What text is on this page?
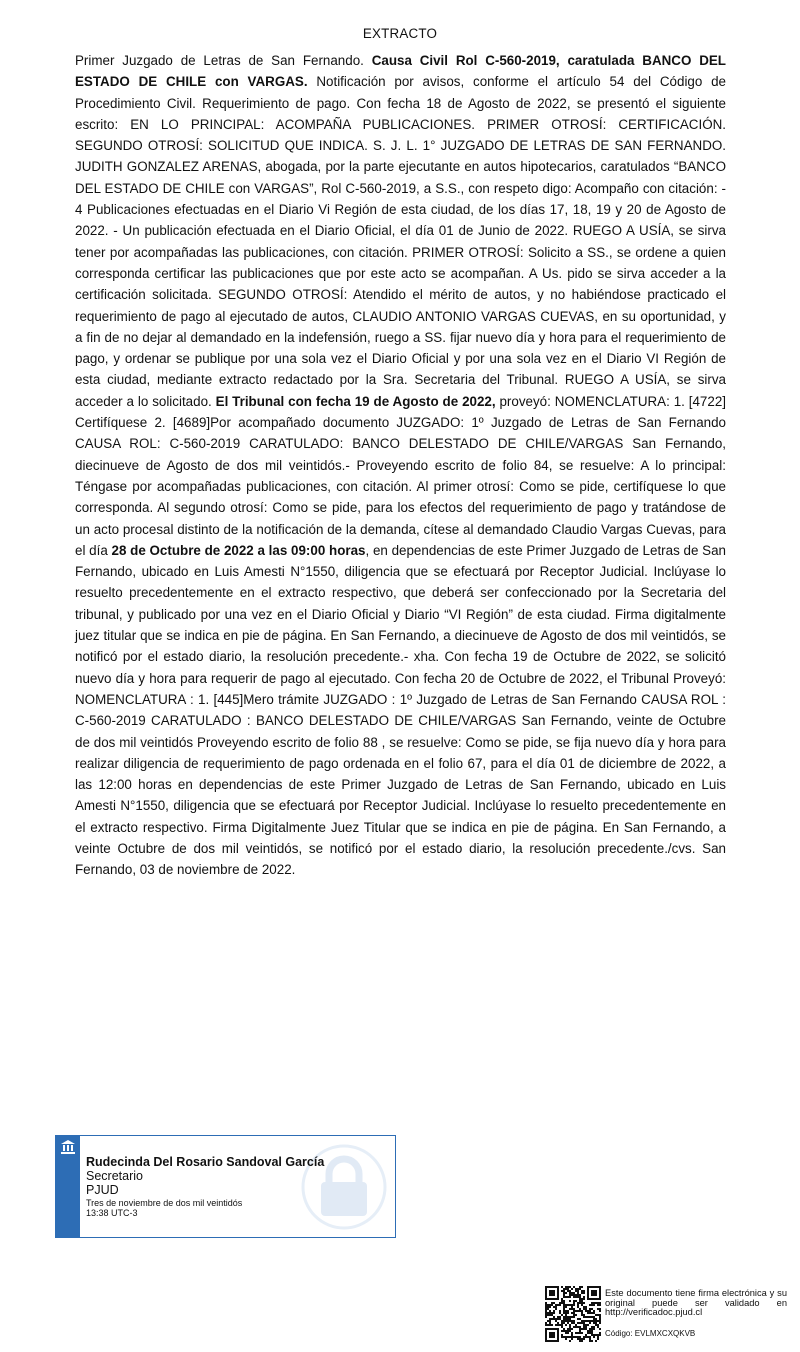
EXTRACTO
Primer Juzgado de Letras de San Fernando. Causa Civil Rol C-560-2019, caratulada BANCO DEL ESTADO DE CHILE con VARGAS. Notificación por avisos, conforme el artículo 54 del Código de Procedimiento Civil. Requerimiento de pago. Con fecha 18 de Agosto de 2022, se presentó el siguiente escrito: EN LO PRINCIPAL: ACOMPAÑA PUBLICACIONES. PRIMER OTROSÍ: CERTIFICACIÓN. SEGUNDO OTROSÍ: SOLICITUD QUE INDICA. S. J. L. 1° JUZGADO DE LETRAS DE SAN FERNANDO. JUDITH GONZALEZ ARENAS, abogada, por la parte ejecutante en autos hipotecarios, caratulados “BANCO DEL ESTADO DE CHILE con VARGAS”, Rol C-560-2019, a S.S., con respeto digo: Acompaño con citación: - 4 Publicaciones efectuadas en el Diario Vi Región de esta ciudad, de los días 17, 18, 19 y 20 de Agosto de 2022. - Un publicación efectuada en el Diario Oficial, el día 01 de Junio de 2022. RUEGO A USÍA, se sirva tener por acompañadas las publicaciones, con citación. PRIMER OTROSÍ: Solicito a SS., se ordene a quien corresponda certificar las publicaciones que por este acto se acompañan. A Us. pido se sirva acceder a la certificación solicitada. SEGUNDO OTROSÍ: Atendido el mérito de autos, y no habiéndose practicado el requerimiento de pago al ejecutado de autos, CLAUDIO ANTONIO VARGAS CUEVAS, en su oportunidad, y a fin de no dejar al demandado en la indefensión, ruego a SS. fijar nuevo día y hora para el requerimiento de pago, y ordenar se publique por una sola vez el Diario Oficial y por una sola vez en el Diario VI Región de esta ciudad, mediante extracto redactado por la Sra. Secretaria del Tribunal. RUEGO A USÍA, se sirva acceder a lo solicitado. El Tribunal con fecha 19 de Agosto de 2022, proveyó: NOMENCLATURA: 1. [4722] Certifíquese 2. [4689]Por acompañado documento JUZGADO: 1º Juzgado de Letras de San Fernando CAUSA ROL: C-560-2019 CARATULADO: BANCO DELESTADO DE CHILE/VARGAS San Fernando, diecinueve de Agosto de dos mil veintidós.- Proveyendo escrito de folio 84, se resuelve: A lo principal: Téngase por acompañadas publicaciones, con citación. Al primer otrosí: Como se pide, certifíquese lo que corresponda. Al segundo otrosí: Como se pide, para los efectos del requerimiento de pago y tratándose de un acto procesal distinto de la notificación de la demanda, cítese al demandado Claudio Vargas Cuevas, para el día 28 de Octubre de 2022 a las 09:00 horas, en dependencias de este Primer Juzgado de Letras de San Fernando, ubicado en Luis Amesti N°1550, diligencia que se efectuará por Receptor Judicial. Inclúyase lo resuelto precedentemente en el extracto respectivo, que deberá ser confeccionado por la Secretaria del tribunal, y publicado por una vez en el Diario Oficial y Diario “VI Región” de esta ciudad. Firma digitalmente juez titular que se indica en pie de página. En San Fernando, a diecinueve de Agosto de dos mil veintidós, se notificó por el estado diario, la resolución precedente.- xha. Con fecha 19 de Octubre de 2022, se solicitó nuevo día y hora para requerir de pago al ejecutado. Con fecha 20 de Octubre de 2022, el Tribunal Proveyó: NOMENCLATURA : 1. [445]Mero trámite JUZGADO : 1º Juzgado de Letras de San Fernando CAUSA ROL : C-560-2019 CARATULADO : BANCO DELESTADO DE CHILE/VARGAS San Fernando, veinte de Octubre de dos mil veintidós Proveyendo escrito de folio 88 , se resuelve: Como se pide, se fija nuevo día y hora para realizar diligencia de requerimiento de pago ordenada en el folio 67, para el día 01 de diciembre de 2022, a las 12:00 horas en dependencias de este Primer Juzgado de Letras de San Fernando, ubicado en Luis Amesti N°1550, diligencia que se efectuará por Receptor Judicial. Inclúyase lo resuelto precedentemente en el extracto respectivo. Firma Digitalmente Juez Titular que se indica en pie de página. En San Fernando, a veinte Octubre de dos mil veintidós, se notificó por el estado diario, la resolución precedente./cvs. San Fernando, 03 de noviembre de 2022.
Rudecinda Del Rosario Sandoval García
Secretario
PJUD
Tres de noviembre de dos mil veintidós
13:38 UTC-3
Este documento tiene firma electrónica y su original puede ser validado en http://verificadoc.pjud.cl
Código: EVLMXCXQKVB
